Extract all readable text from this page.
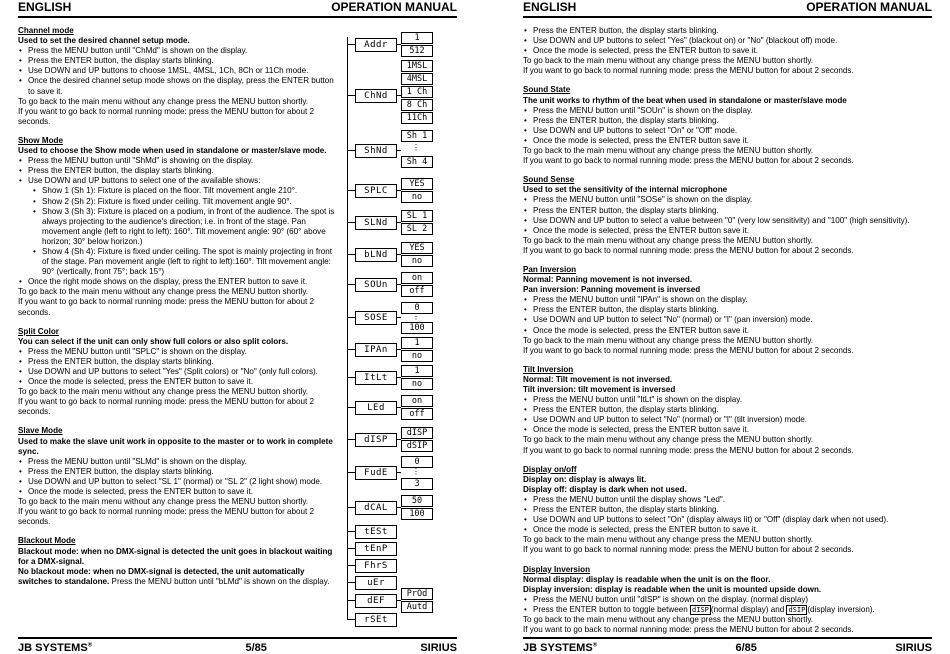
ENGLISH	OPERATION MANUAL

Channel mode

Used to set the desired channel setup mode.

• Press the MENU button until "ChMd" is shown on the display.
• Press the ENTER button, the display starts blinking.
• Use DOWN and UP buttons to choose 1MSL, 4MSL, 1Ch, 8Ch or 11Ch mode.
• Once the desired channel setup mode shows on the display, press the ENTER button to save it.

To go back to the main menu without any change press the MENU button shortly.

If you want to go back to normal running mode: press the MENU button for about 2 seconds.

Show Mode

Used to choose the Show mode when used in standalone or master/slave mode.

• Press the MENU button until "ShMd" is showing on the display.
• Press the ENTER button, the display starts blinking.
• Use DOWN and UP buttons to select one of the available shows:
• Show 1 (Sh 1): Fixture is placed on the floor. Tilt movement angle 210°.
• Show 2 (Sh 2): Fixture is fixed under ceiling. Tilt movement angle 90°.
• Show 3 (Sh 3): Fixture is placed on a podium, in front of the audience. The spot is always projecting to the audience's direction; i.e. in front of the stage. Pan movement angle (left to right to left): 160°. Tilt movement angle: 90° (60° above horizon; 30° below horizon.)
• Show 4 (Sh 4): Fixture is fixed under ceiling. The spot is mainly projecting in front of the stage. Pan movement angle (left to right to left):160°. Tilt movement angle: 90° (vertically, front 75°; back 15°)
• Once the right mode shows on the display, press the ENTER button to save it.

To go back to the main menu without any change press the MENU button shortly.

If you want to go back to normal running mode: press the MENU button for about 2 seconds.

Split Color

You can select if the unit can only show full colors or also split colors.

• Press the MENU button until "SPLC" is shown on the display.
• Press the ENTER button, the display starts blinking.
• Use DOWN and UP buttons to select "Yes" (Split colors) or "No" (only full colors).
• Once the mode is selected, press the ENTER button to save it.

To go back to the main menu without any change press the MENU button shortly.

If you want to go back to normal running mode: press the MENU button for about 2 seconds.

Slave Mode

Used to make the slave unit work in opposite to the master or to work in complete sync.

• Press the MENU button until "SLMd" is shown on the display.
• Press the ENTER button, the display starts blinking.
• Use DOWN and UP button to select "SL 1" (normal) or "SL 2" (2 light show) mode.
• Once the mode is selected, press the ENTER button to save it.

To go back to the main menu without any change press the MENU button shortly.

If you want to go back to normal running mode: press the MENU button for about 2 seconds.

Blackout Mode

Blackout mode: when no DMX-signal is detected the unit goes in blackout waiting for a DMX-signal.

No blackout mode: when no DMX-signal is detected, the unit automatically switches to standalone. Press the MENU button until "bLMd" is shown on the display.

Addr
1
512
ChNd
1MSL
4MSL
1 Ch
8 Ch
11Ch
ShNd
Sh 1
⋮
Sh 4
SPLC
YES
no
SLNd
SL 1
SL 2
bLNd
YES
no
SOUn
on
off
SOSE
0
⋮
100
IPAn
1
no
ItLt
1
no
LEd
on
off
dISP
dISP
dSIP
FudE
0
⋮
3
dCAL
50
100
tESt
tEnP
FhrS
uEr
dEF
PrOd
Autd
rSEt
JB SYSTEMS®	5/85	SIRIUS
ENGLISH	OPERATION MANUAL
• Press the ENTER button, the display starts blinking.
• Use DOWN and UP buttons to select "Yes" (blackout on) or "No" (blackout off) mode.
• Once the mode is selected, press the ENTER button to save it.

To go back to the main menu without any change press the MENU button shortly.

If you want to go back to normal running mode: press the MENU button for about 2 seconds.

Sound State

The unit works to rhythm of the beat when used in standalone or master/slave mode

• Press the MENU button until "SOUn" is shown on the display.
• Press the ENTER button, the display starts blinking.
• Use DOWN and UP buttons to select "On" or "Off" mode.
• Once the mode is selected, press the ENTER button save it.

To go back to the main menu without any change press the MENU button shortly.

If you want to go back to normal running mode: press the MENU button for about 2 seconds.

Sound Sense

Used to set the sensitivity of the internal microphone

• Press the MENU button until "SOSe" is shown on the display.
• Press the ENTER button, the display starts blinking.
• Use DOWN and UP button to select a value between "0" (very low sensitivity) and "100" (high sensitivity).
• Once the mode is selected, press the ENTER button save it.

To go back to the main menu without any change press the MENU button shortly.

If you want to go back to normal running mode: press the MENU button for about 2 seconds.

Pan Inversion

Normal: Panning movement is not inversed.

Pan inversion: Panning movement is inversed

• Press the MENU button until "IPAn" is shown on the display.
• Press the ENTER button, the display starts blinking.
• Use DOWN and UP button to select "No" (normal) or "I" (pan inversion) mode.
• Once the mode is selected, press the ENTER button save it.

To go back to the main menu without any change press the MENU button shortly.

If you want to go back to normal running mode: press the MENU button for about 2 seconds.

Tilt Inversion

Normal: Tilt movement is not inversed.

Tilt inversion: tilt movement is inversed

• Press the MENU button until "ItLt" is shown on the display.
• Press the ENTER button, the display starts blinking.
• Use DOWN and UP button to select "No" (normal) or "I" (tilt inversion) mode.
• Once the mode is selected, press the ENTER button save it.

To go back to the main menu without any change press the MENU button shortly.

If you want to go back to normal running mode: press the MENU button for about 2 seconds.

Display on/off

Display on: display is always lit.

Display off: display is dark when not used.

• Press the MENU button until the display shows "Led".
• Press the ENTER button, the display starts blinking.
• Use DOWN and UP buttons to select "On" (display always lit) or "Off" (display dark when not used).
• Once the mode is selected, press the ENTER button to save it.

To go back to the main menu without any change press the MENU button shortly.

If you want to go back to normal running mode: press the MENU button for about 2 seconds.

Display Inversion

Normal display: display is readable when the unit is on the floor.

Display inversion: display is readable when the unit is mounted upside down.

• Press the MENU button until "dISP" is shown on the display. (normal display)
• Press the ENTER button to toggle between dISP (normal display) and dSIP (display inversion).

To go back to the main menu without any change press the MENU button shortly.

If you want to go back to normal running mode: press the MENU button for about 2 seconds.

JB SYSTEMS®	6/85	SIRIUS
